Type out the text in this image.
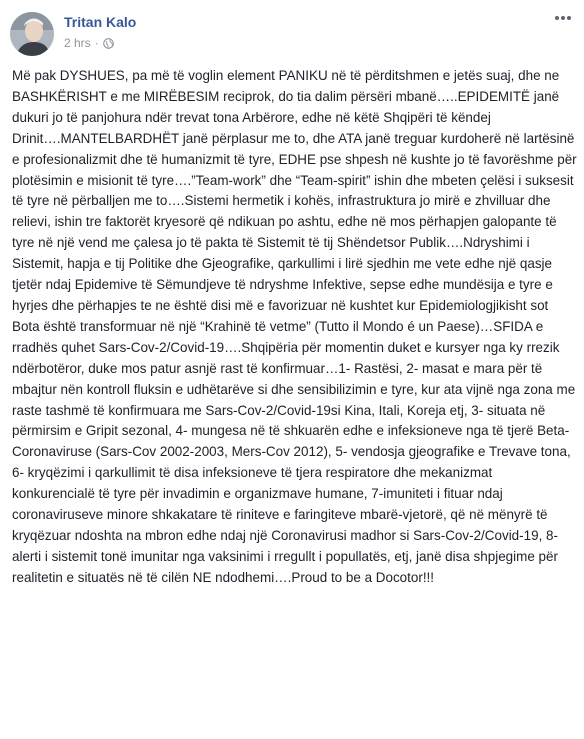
Tritan Kalo
2 hrs ·
Më pak DYSHUES, pa më të voglin element PANIKU në të përditshmen e jetës suaj, dhe ne BASHKËRISHT e me MIRËBESIM reciprok, do tia dalim përsëri mbanë…..EPIDEMITË janë dukuri jo të panjohura ndër trevat tona Arbërore, edhe në këtë Shqipëri të këndej Drinit….MANTELBARDHËT janë përplasur me to, dhe ATA janë treguar kurdoherë në lartësinë e profesionalizmit dhe të humanizmit të tyre, EDHE pse shpesh në kushte jo të favorëshme për plotësimin e misionit të tyre….”Team-work” dhe “Team-spirit” ishin dhe mbeten çelësi i suksesit të tyre në përballjen me to….Sistemi hermetik i kohës, infrastruktura jo mirë e zhvilluar dhe relievi, ishin tre faktorët kryesorë që ndikuan po ashtu, edhe në mos përhapjen galopante të tyre në një vend me çalesa jo të pakta të Sistemit të tij Shëndetsor Publik….Ndryshimi i Sistemit, hapja e tij Politike dhe Gjeografike, qarkullimi i lirë sjedhin me vete edhe një qasje tjetër ndaj Epidemive të Sëmundjeve të ndryshme Infektive, sepse edhe mundësija e tyre e hyrjes dhe përhapjes te ne është disi më e favorizuar në kushtet kur Epidemiologjikisht sot Bota është transformuar në një “Krahinë të vetme” (Tutto il Mondo é un Paese)…SFIDA e rradhës quhet Sars-Cov-2/Covid-19….Shqipëria për momentin duket e kursyer nga ky rrezik ndërbotëror, duke mos patur asnjë rast të konfirmuar…1- Rastësi, 2- masat e mara për të mbajtur nën kontroll fluksin e udhëtarëve si dhe sensibilizimin e tyre, kur ata vijnë nga zona me raste tashmë të konfirmuara me Sars-Cov-2/Covid-19si Kina, Itali, Koreja etj, 3- situata në përmirsim e Gripit sezonal, 4- mungesa në të shkuarën edhe e infeksioneve nga të tjerë Beta-Coronaviruse (Sars-Cov 2002-2003, Mers-Cov 2012), 5- vendosja gjeografike e Trevave tona, 6- kryqëzimi i qarkullimit të disa infeksioneve të tjera respiratore dhe mekanizmat konkurencialë të tyre për invadimin e organizmave humane, 7-imuniteti i fituar ndaj coronaviruseve minore shkakatare të riniteve e faringiteve mbarë-vjetorë, që në mënyrë të kryqëzuar ndoshta na mbron edhe ndaj një Coronavirusi madhor si Sars-Cov-2/Covid-19, 8- alerti i sistemit tonë imunitar nga vaksinimi i rregullt i popullatës, etj, janë disa shpjegime për realitetin e situatës në të cilën NE ndodhemi….Proud to be a Docotor!!!
